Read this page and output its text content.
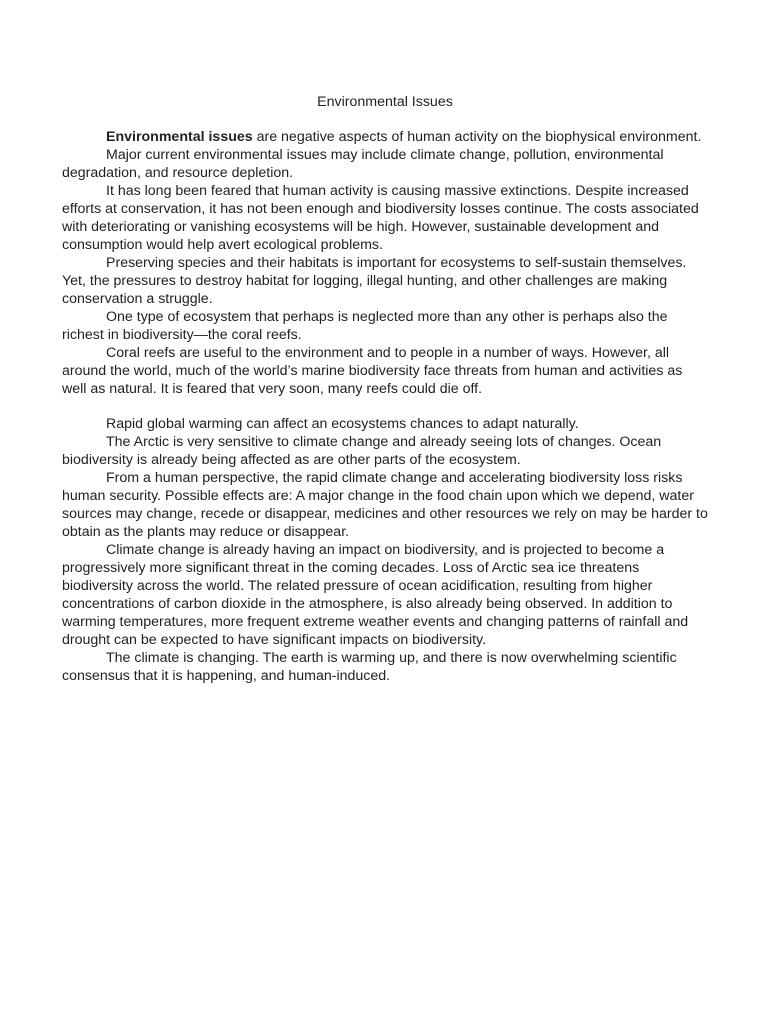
Environmental Issues

Environmental issues are negative aspects of human activity on the biophysical environment.

Major current environmental issues may include climate change, pollution, environmental degradation, and resource depletion.

It has long been feared that human activity is causing massive extinctions. Despite increased efforts at conservation, it has not been enough and biodiversity losses continue. The costs associated with deteriorating or vanishing ecosystems will be high. However, sustainable development and consumption would help avert ecological problems.

Preserving species and their habitats is important for ecosystems to self-sustain themselves. Yet, the pressures to destroy habitat for logging, illegal hunting, and other challenges are making conservation a struggle.

One type of ecosystem that perhaps is neglected more than any other is perhaps also the richest in biodiversity—the coral reefs.

Coral reefs are useful to the environment and to people in a number of ways. However, all around the world, much of the world’s marine biodiversity face threats from human and activities as well as natural. It is feared that very soon, many reefs could die off.

Rapid global warming can affect an ecosystems chances to adapt naturally.

The Arctic is very sensitive to climate change and already seeing lots of changes. Ocean biodiversity is already being affected as are other parts of the ecosystem.

From a human perspective, the rapid climate change and accelerating biodiversity loss risks human security. Possible effects are: A major change in the food chain upon which we depend, water sources may change, recede or disappear, medicines and other resources we rely on may be harder to obtain as the plants may reduce or disappear.

Climate change is already having an impact on biodiversity, and is projected to become a progressively more significant threat in the coming decades. Loss of Arctic sea ice threatens biodiversity across the world. The related pressure of ocean acidification, resulting from higher concentrations of carbon dioxide in the atmosphere, is also already being observed. In addition to warming temperatures, more frequent extreme weather events and changing patterns of rainfall and drought can be expected to have significant impacts on biodiversity.

The climate is changing. The earth is warming up, and there is now overwhelming scientific consensus that it is happening, and human-induced.
